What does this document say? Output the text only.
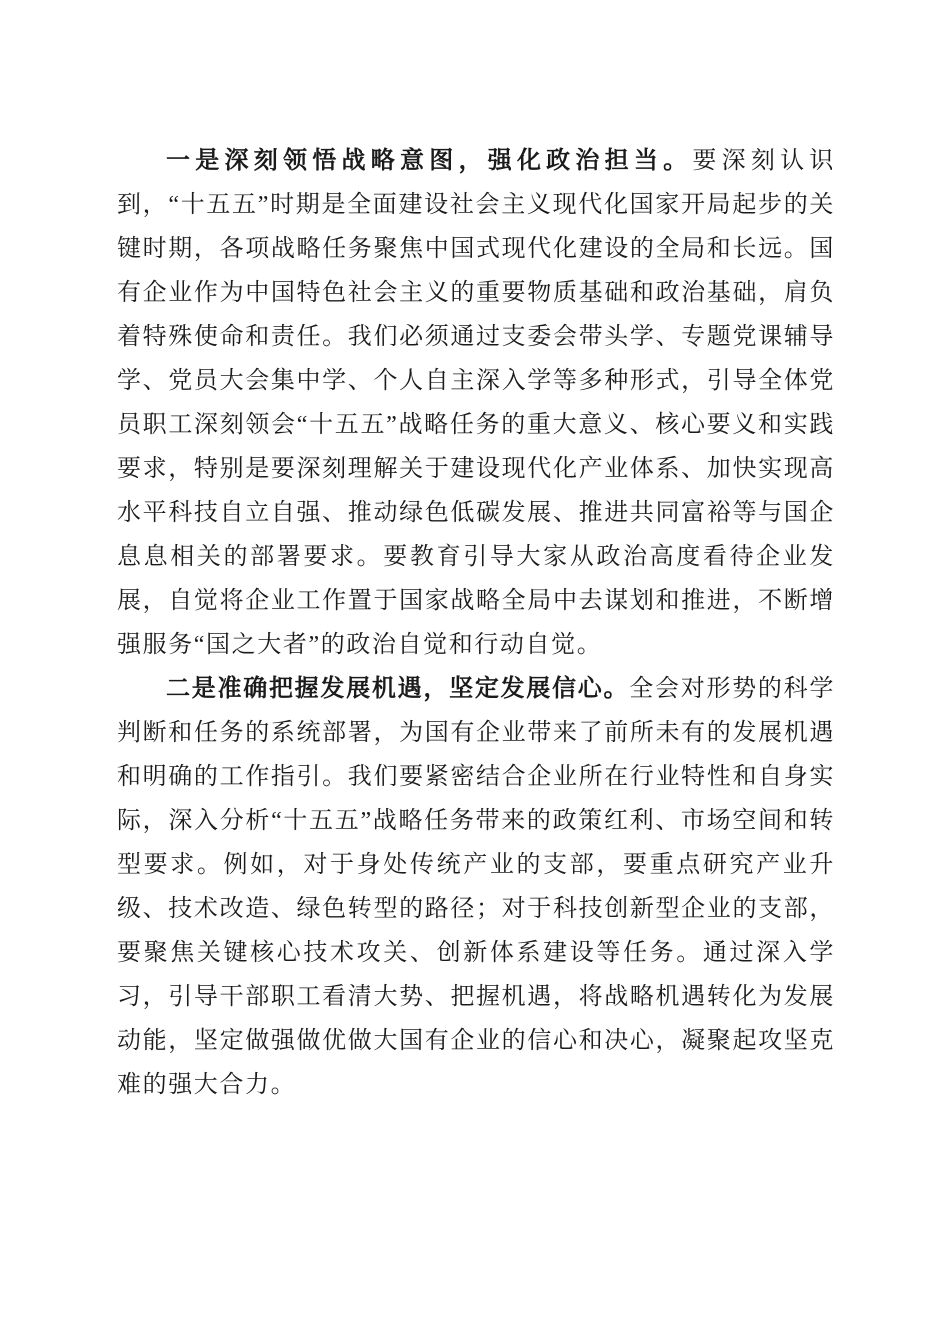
一是深刻领悟战略意图，强化政治担当。要深刻认识到，“十五五”时期是全面建设社会主义现代化国家开局起步的关键时期，各项战略任务聚焦中国式现代化建设的全局和长远。国有企业作为中国特色社会主义的重要物质基础和政治基础，肩负着特殊使命和责任。我们必须通过支委会带头学、专题党课辅导学、党员大会集中学、个人自主深入学等多种形式，引导全体党员职工深刻领会“十五五”战略任务的重大意义、核心要义和实践要求，特别是要深刻理解关于建设现代化产业体系、加快实现高水平科技自立自强、推动绿色低碳发展、推进共同富裕等与国企息息相关的部署要求。要教育引导大家从政治高度看待企业发展，自觉将企业工作置于国家战略全局中去谋划和推进，不断增强服务“国之大者”的政治自觉和行动自觉。

二是准确把握发展机遇，坚定发展信心。全会对形势的科学判断和任务的系统部署，为国有企业带来了前所未有的发展机遇和明确的工作指引。我们要紧密结合企业所在行业特性和自身实际，深入分析“十五五”战略任务带来的政策红利、市场空间和转型要求。例如，对于身处传统产业的支部，要重点研究产业升级、技术改造、绿色转型的路径；对于科技创新型企业的支部，要聚焦关键核心技术攻关、创新体系建设等任务。通过深入学习，引导干部职工看清大势、把握机遇，将战略机遇转化为发展动能，坚定做强做优做大国有企业的信心和决心，凝聚起攻坚克难的强大合力。
